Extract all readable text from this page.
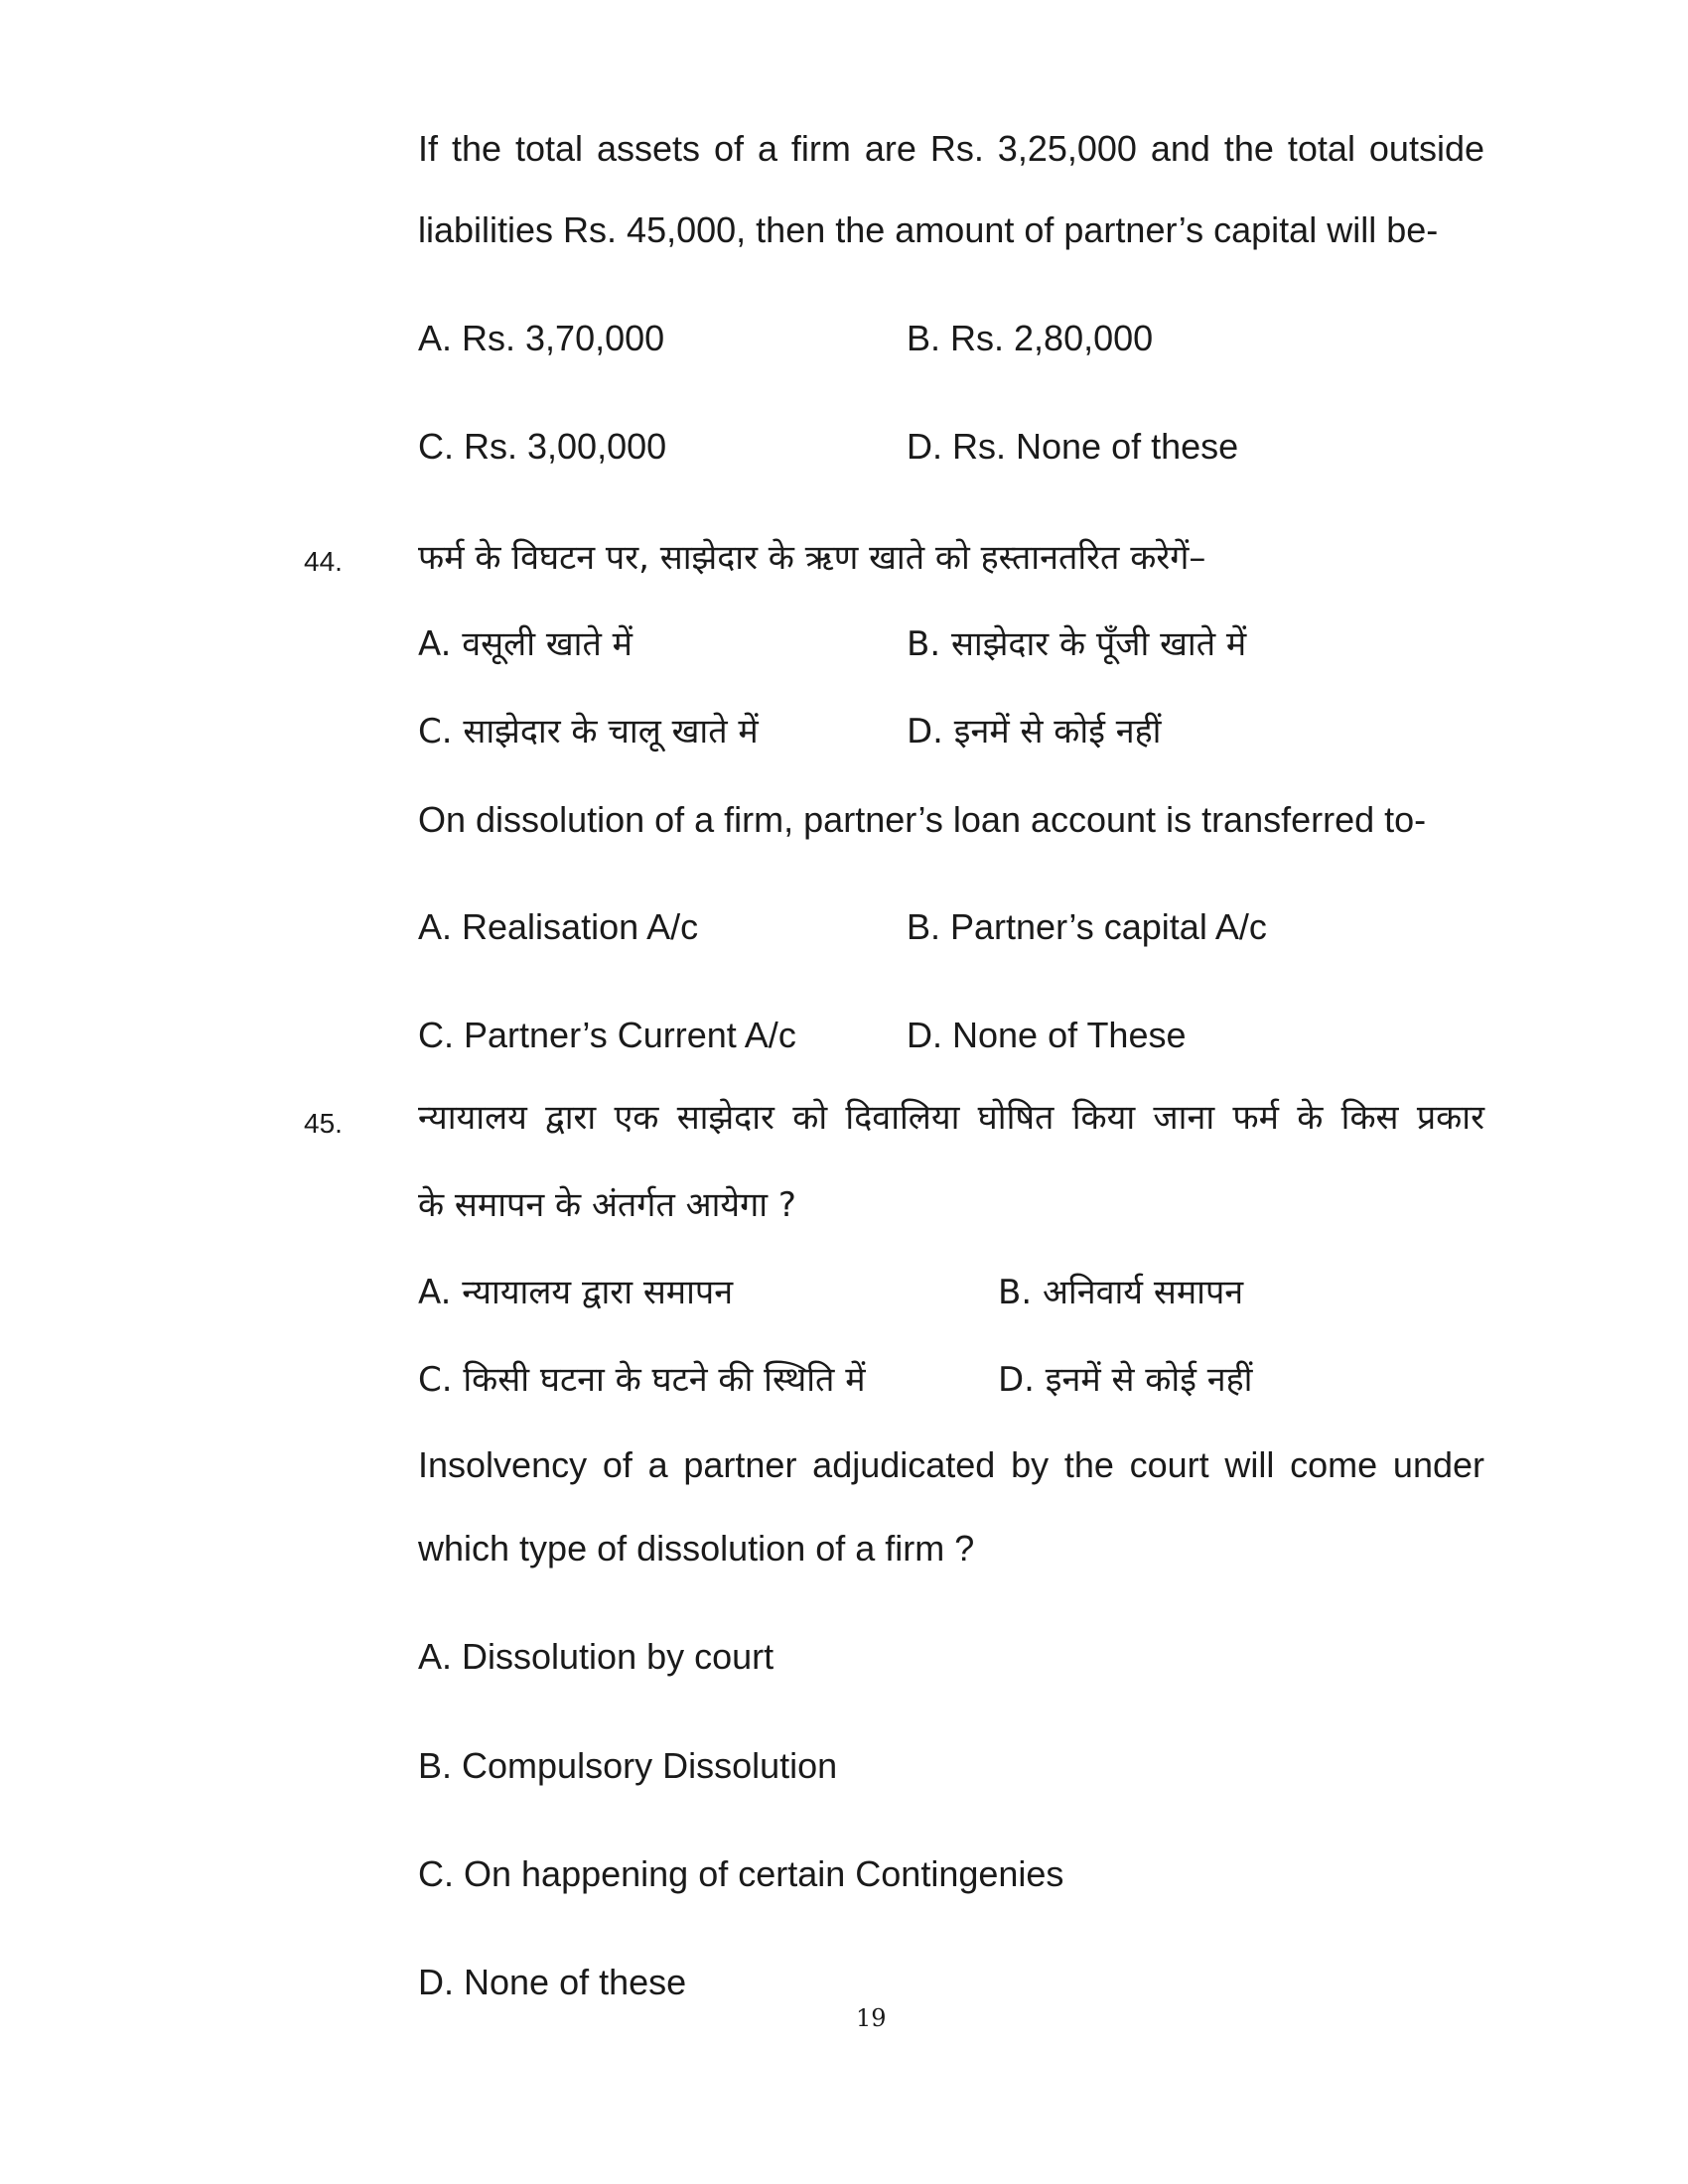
If the total assets of a firm are Rs. 3,25,000 and the total outside
liabilities Rs. 45,000, then the amount of partner’s capital will be-
A. Rs. 3,70,000	B. Rs. 2,80,000
C. Rs. 3,00,000	D. Rs. None of these
44. फर्म के विघटन पर, साझेदार के ऋण खाते को हस्तानतरित करेगें–
A. वसूली खाते में	B. साझेदार के पूँजी खाते में
C. साझेदार के चालू खाते में	D. इनमें से कोई नहीं
On dissolution of a firm, partner’s loan account is transferred to-
A. Realisation A/c	B. Partner’s capital A/c
C. Partner’s Current A/c	D. None of These
45. न्यायालय द्वारा एक साझेदार को दिवालिया घोषित किया जाना फर्म के किस प्रकार
के समापन के अंतर्गत आयेगा ?
A. न्यायालय द्वारा समापन	B. अनिवार्य समापन
C. किसी घटना के घटने की स्थिति में	D. इनमें से कोई नहीं
Insolvency of a partner adjudicated by the court will come under
which type of dissolution of a firm ?
A. Dissolution by court
B. Compulsory Dissolution
C. On happening of certain Contingenies
D. None of these
19
